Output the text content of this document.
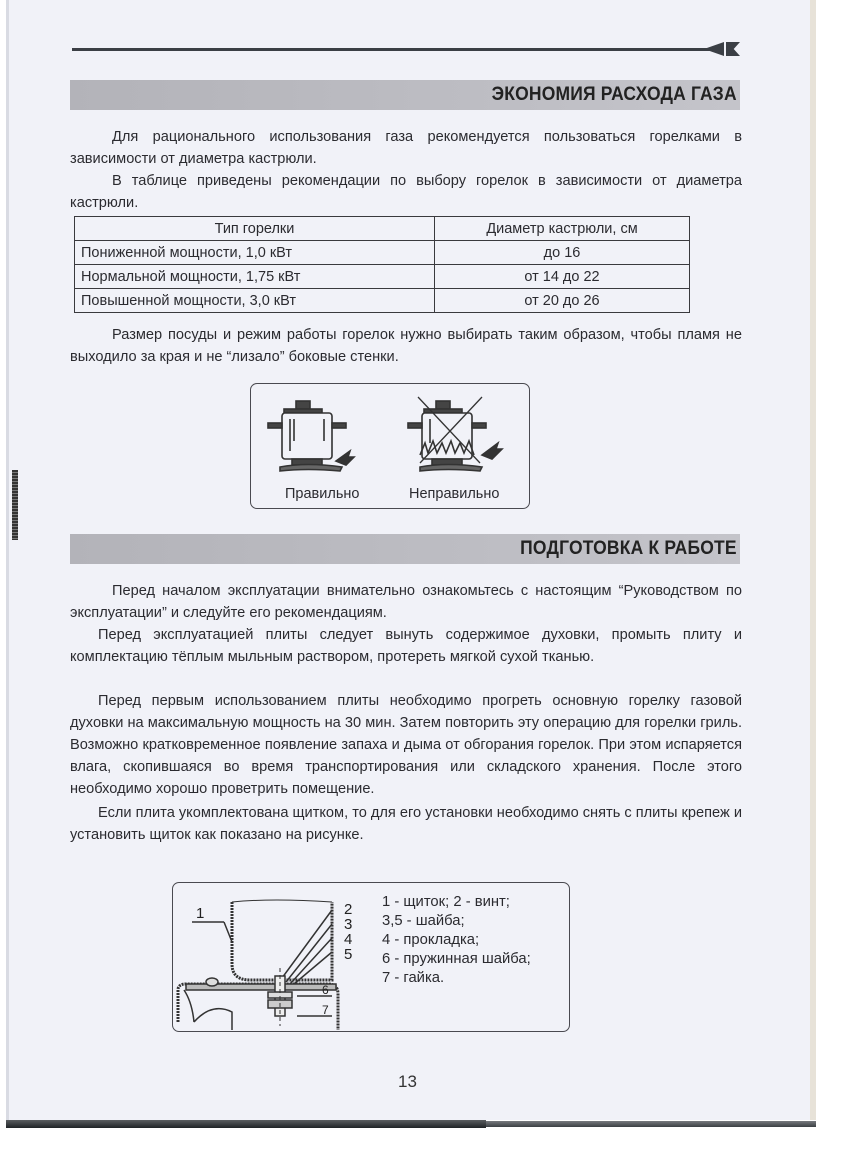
ЭКОНОМИЯ РАСХОДА ГАЗА
Для рационального использования газа рекомендуется пользоваться горелками в зависимости от диаметра кастрюли.
В таблице приведены рекомендации по выбору горелок в зависимости от диаметра кастрюли.
Тип горелки	Диаметр кастрюли, см
Пониженной мощности, 1,0 кВт	до 16
Нормальной мощности, 1,75 кВт	от 14 до 22
Повышенной мощности, 3,0 кВт	от 20 до 26
Размер посуды и режим работы горелок нужно выбирать таким образом, чтобы пламя не выходило за края и не “лизало” боковые стенки.
Правильно	Неправильно
ПОДГОТОВКА К РАБОТЕ
Перед началом эксплуатации внимательно ознакомьтесь с настоящим “Руководством по эксплуатации” и следуйте его рекомендациям.
Перед эксплуатацией плиты следует вынуть содержимое духовки, промыть плиту и комплектацию тёплым мыльным раствором, протереть мягкой сухой тканью.
Перед первым использованием плиты необходимо прогреть основную горелку газовой духовки на максимальную мощность на 30 мин. Затем повторить эту операцию для горелки гриль. Возможно кратковременное появление запаха и дыма от обгорания горелок. При этом испаряется влага, скопившаяся во время транспортирования или складского хранения. После этого необходимо хорошо проветрить помещение.
Если плита укомплектована щитком, то для его установки необходимо снять с плиты крепеж и установить щиток как показано на рисунке.
1	2
3
4
5
6
7
1 - щиток; 2 - винт;
3,5 - шайба;
4 - прокладка;
6 - пружинная шайба;
7 - гайка.
13
